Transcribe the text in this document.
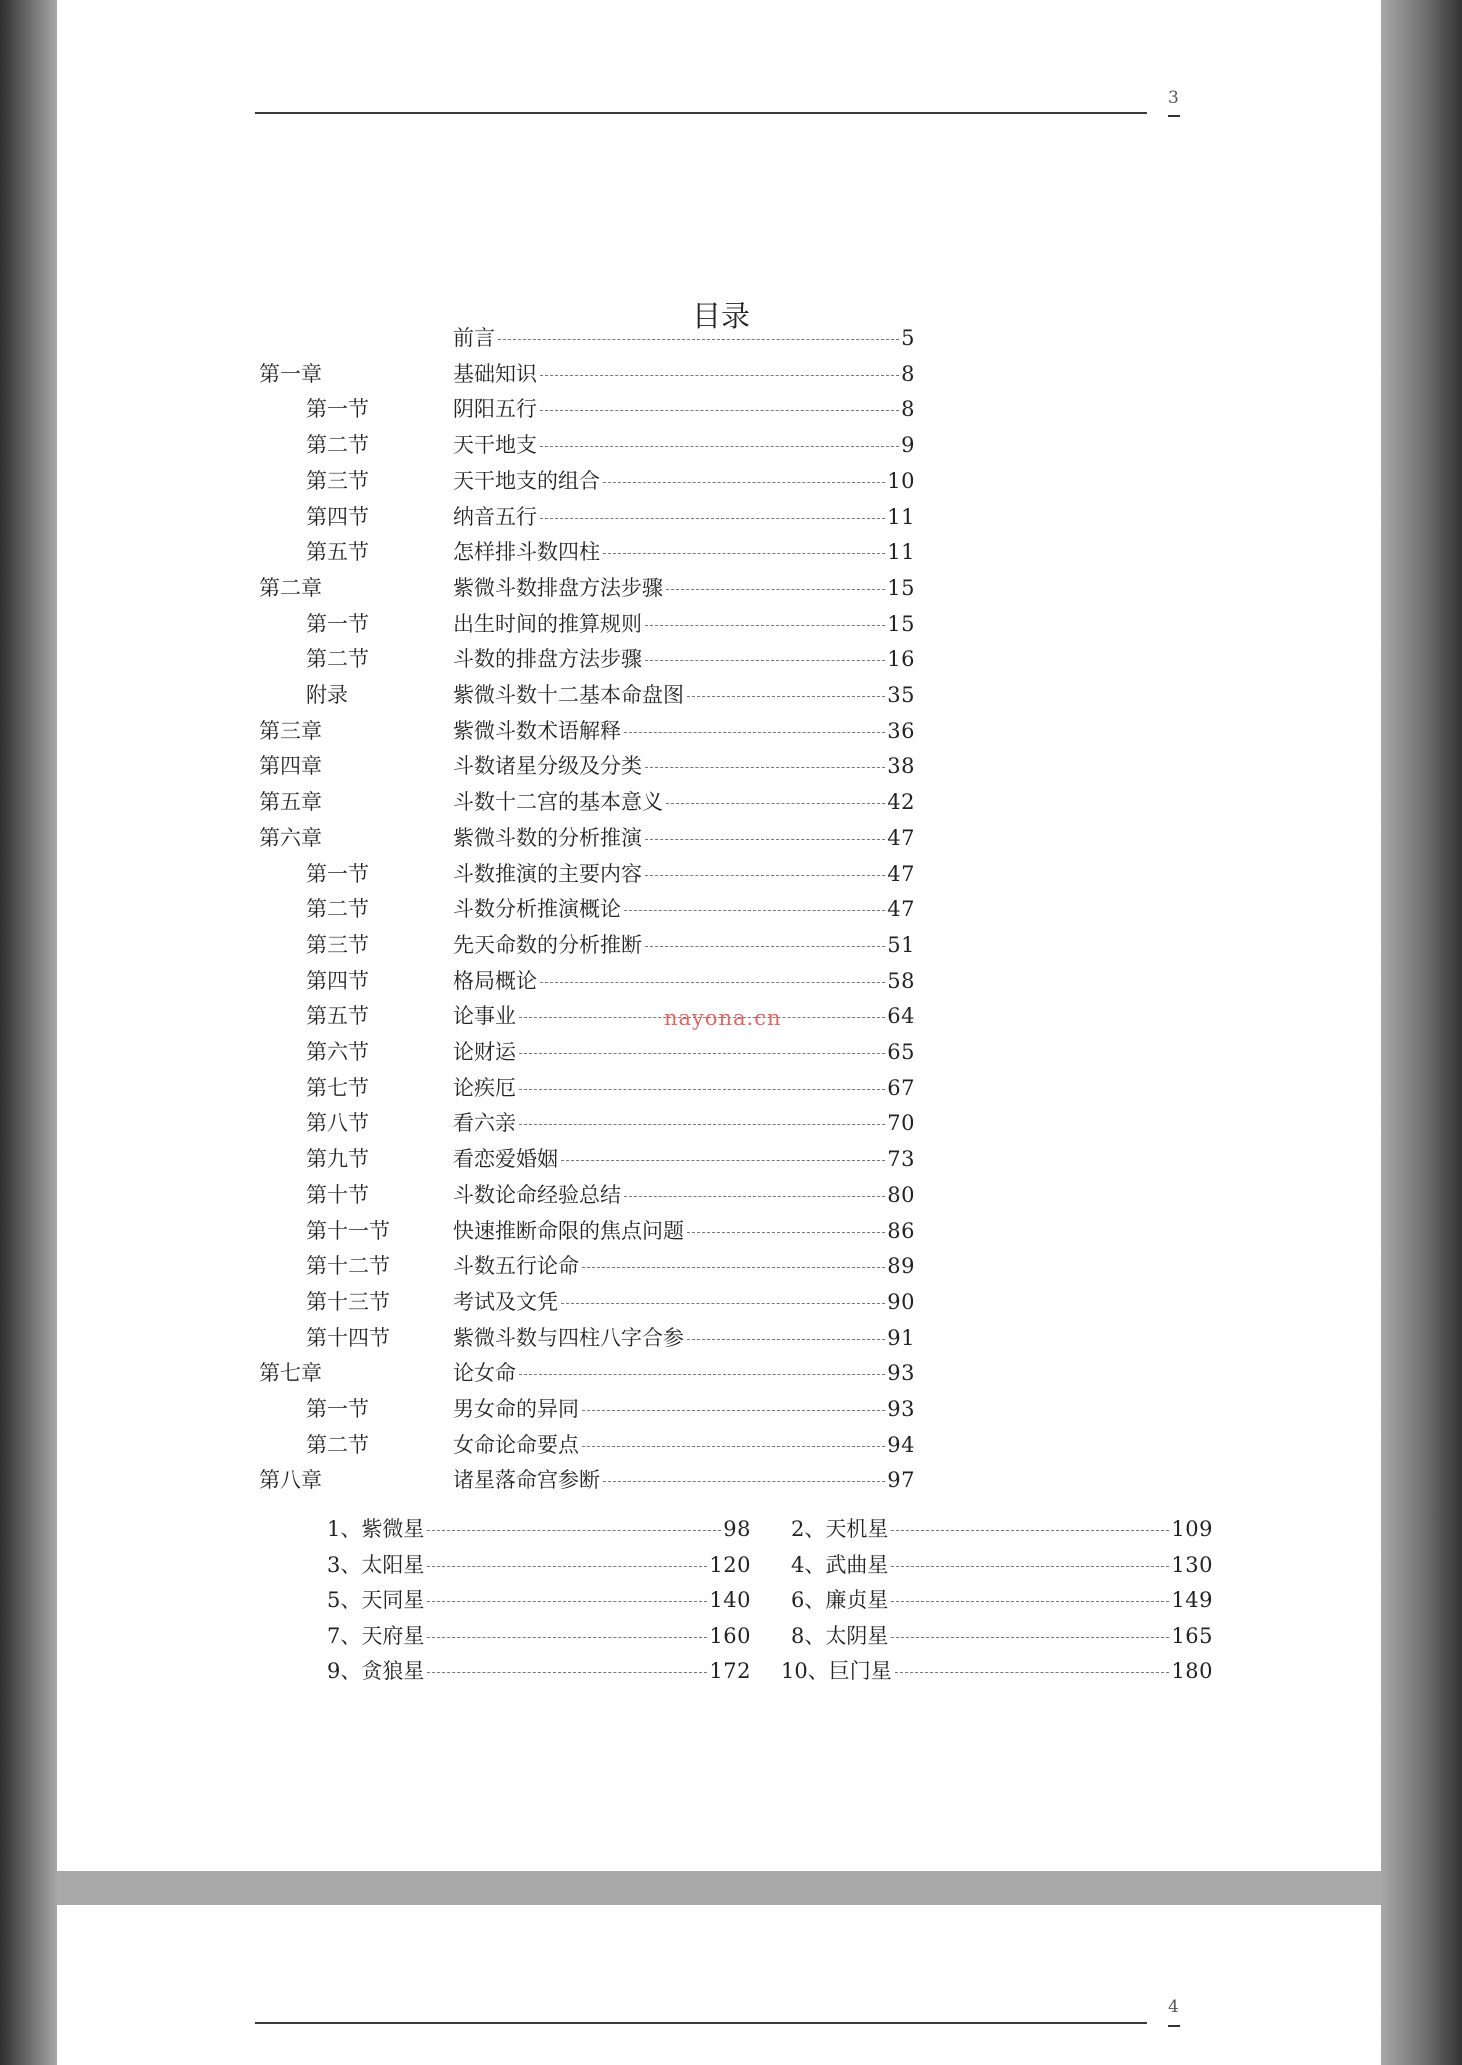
3
目录
前言	5
第一章	基础知识	8
第一节	阴阳五行	8
第二节	天干地支	9
第三节	天干地支的组合	10
第四节	纳音五行	11
第五节	怎样排斗数四柱	11
第二章	紫微斗数排盘方法步骤	15
第一节	出生时间的推算规则	15
第二节	斗数的排盘方法步骤	16
附录	紫微斗数十二基本命盘图	35
第三章	紫微斗数术语解释	36
第四章	斗数诸星分级及分类	38
第五章	斗数十二宫的基本意义	42
第六章	紫微斗数的分析推演	47
第一节	斗数推演的主要内容	47
第二节	斗数分析推演概论	47
第三节	先天命数的分析推断	51
第四节	格局概论	58
第五节	论事业	64
第六节	论财运	65
第七节	论疾厄	67
第八节	看六亲	70
第九节	看恋爱婚姻	73
第十节	斗数论命经验总结	80
第十一节	快速推断命限的焦点问题	86
第十二节	斗数五行论命	89
第十三节	考试及文凭	90
第十四节	紫微斗数与四柱八字合参	91
第七章	论女命	93
第一节	男女命的异同	93
第二节	女命论命要点	94
第八章	诸星落命宫参断	97
1、 紫微星	98 2、 天机星	109
3、 太阳星	120 4、 武曲星	130
5、 天同星	140 6、 廉贞星	149
7、 天府星	160 8、 太阴星	165
9、 贪狼星	172 10、 巨门星	180
nayona.cn
4
